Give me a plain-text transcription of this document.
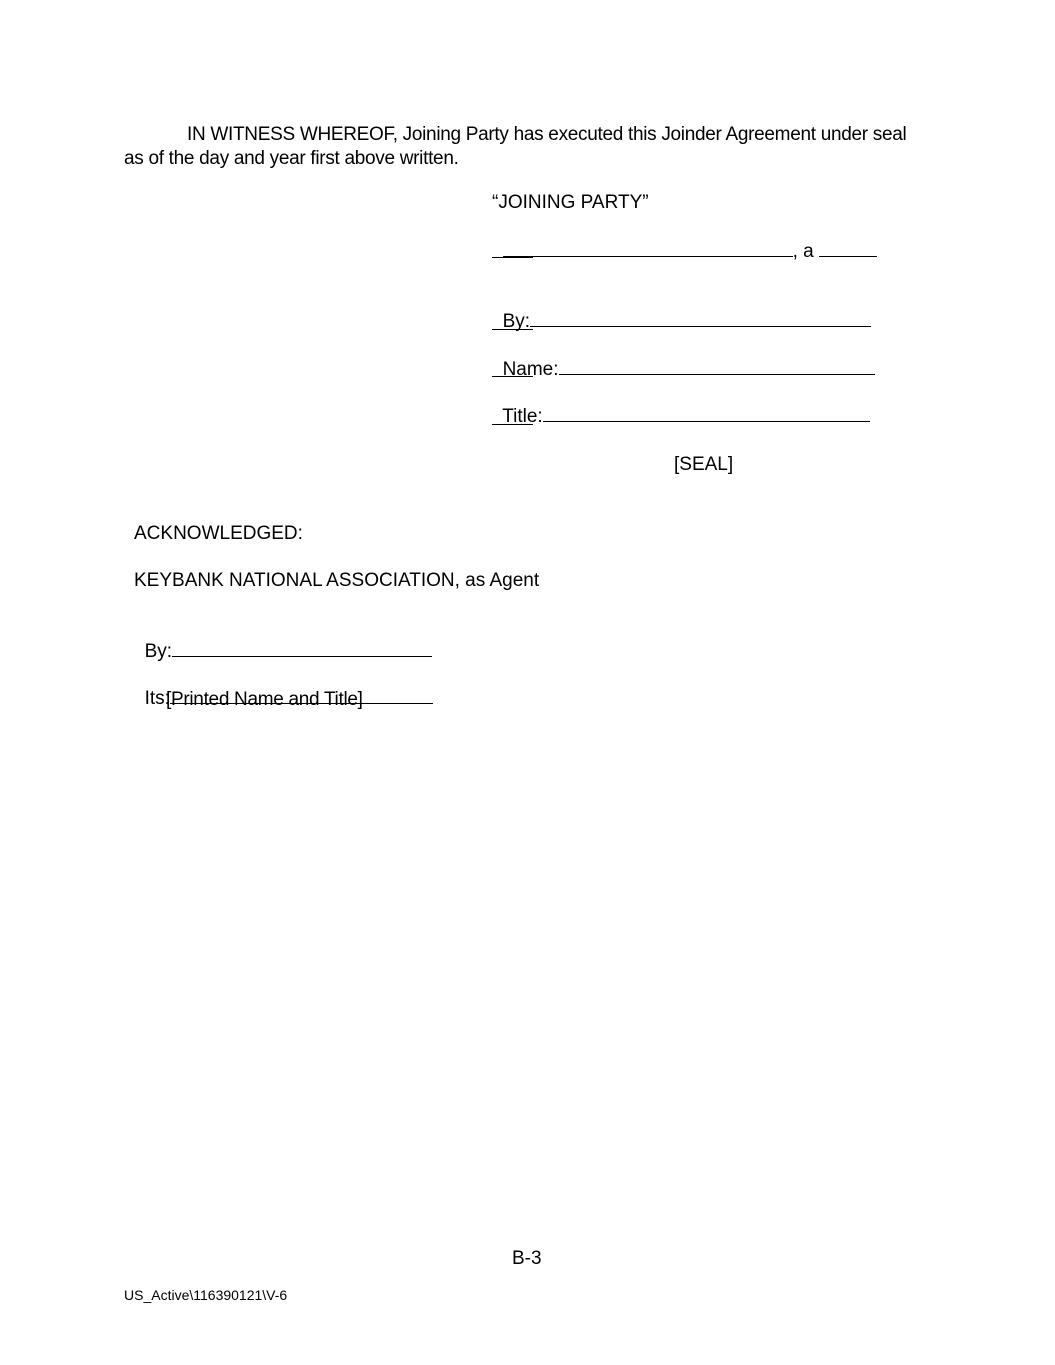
IN WITNESS WHEREOF, Joining Party has executed this Joinder Agreement under seal
as of the day and year first above written.
“JOINING PARTY”

, a

By:

Name:

Title:

[SEAL]
ACKNOWLEDGED:
KEYBANK NATIONAL ASSOCIATION, as Agent

By:

Its:

[Printed Name and Title]
B-3
US_Active\116390121\V-6
